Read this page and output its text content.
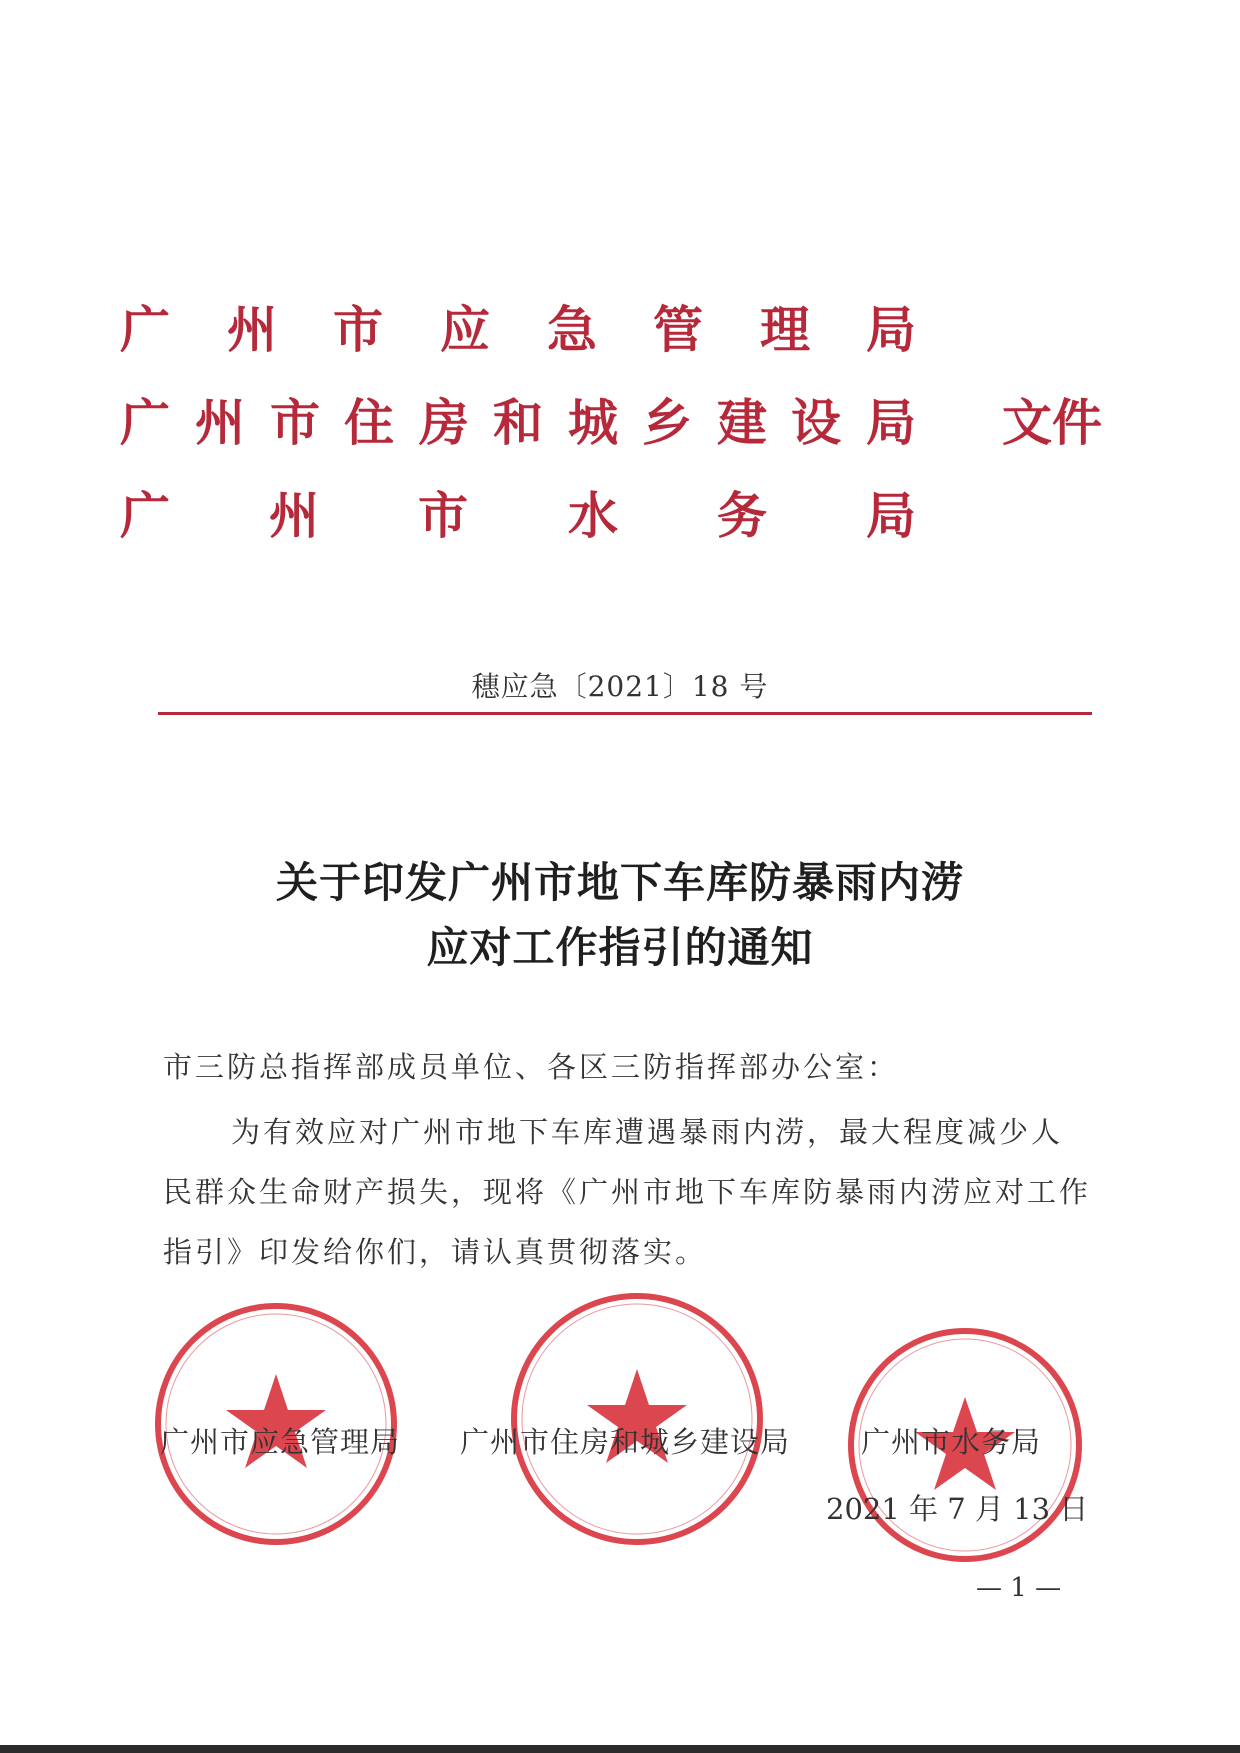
广 州 市 应 急 管 理 局
广 州 市 住 房 和 城 乡 建 设 局 文件
广 州 市 水 务 局
穗应急〔2021〕18 号
关于印发广州市地下车库防暴雨内涝
应对工作指引的通知
市三防总指挥部成员单位、各区三防指挥部办公室：
为有效应对广州市地下车库遭遇暴雨内涝，最大程度减少人民群众生命财产损失，现将《广州市地下车库防暴雨内涝应对工作指引》印发给你们，请认真贯彻落实。
广州市应急管理局 广州市住房和城乡建设局 广州市水务局
2021 年 7 月 13 日
— 1 —
